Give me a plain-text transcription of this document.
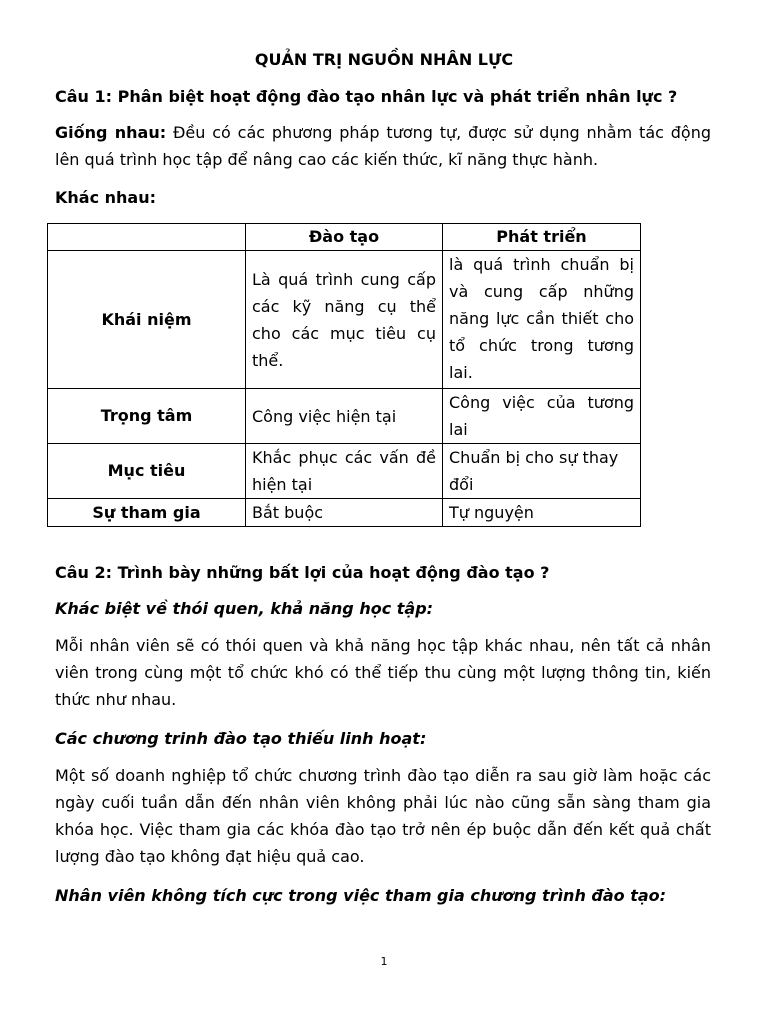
QUẢN TRỊ NGUỒN NHÂN LỰC
Câu 1: Phân biệt hoạt động đào tạo nhân lực và phát triển nhân lực ?
Giống nhau: Đều có các phương pháp tương tự, được sử dụng nhằm tác động lên quá trình học tập để nâng cao các kiến thức, kĩ năng thực hành.
Khác nhau:
	Đào tạo	Phát triển
Khái niệm	Là quá trình cung cấp các kỹ năng cụ thể cho các mục tiêu cụ thể.	là quá trình chuẩn bị và cung cấp những năng lực cần thiết cho tổ chức trong tương lai.
Trọng tâm	Công việc hiện tại	Công việc của tương lai
Mục tiêu	Khắc phục các vấn đề hiện tại	Chuẩn bị cho sự thay đổi
Sự tham gia	Bắt buộc	Tự nguyện
Câu 2: Trình bày những bất lợi của hoạt động đào tạo ?
Khác biệt về thói quen, khả năng học tập:
Mỗi nhân viên sẽ có thói quen và khả năng học tập khác nhau, nên tất cả nhân viên trong cùng một tổ chức khó có thể tiếp thu cùng một lượng thông tin, kiến thức như nhau.
Các chương trinh đào tạo thiếu linh hoạt:
Một số doanh nghiệp tổ chức chương trình đào tạo diễn ra sau giờ làm hoặc các ngày cuối tuần dẫn đến nhân viên không phải lúc nào cũng sẵn sàng tham gia khóa học. Việc tham gia các khóa đào tạo trở nên ép buộc dẫn đến kết quả chất lượng đào tạo không đạt hiệu quả cao.
Nhân viên không tích cực trong việc tham gia chương trình đào tạo:
1
